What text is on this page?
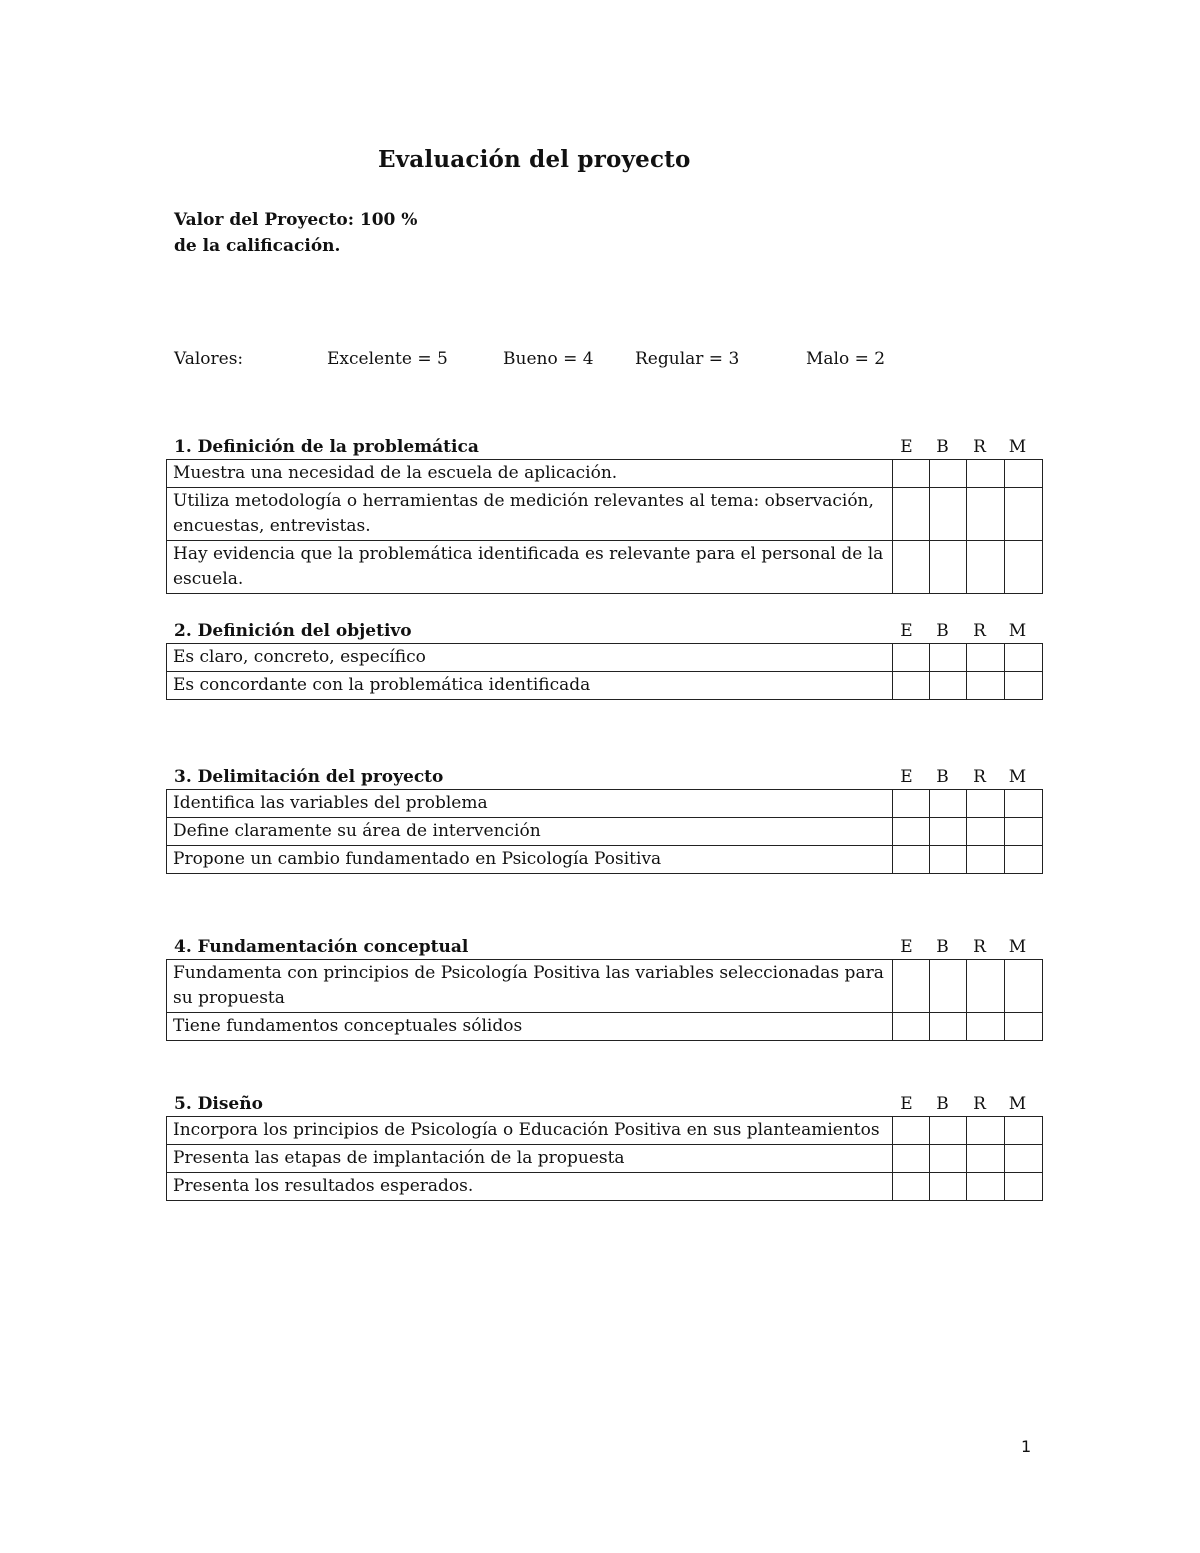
Evaluación del proyecto
Valor del Proyecto: 100 %
de la calificación.
Valores:	Excelente = 5	Bueno = 4 Regular = 3	Malo = 2
1. Definición de la problemática	E	B	R	M
Muestra una necesidad de la escuela de aplicación.				
Utiliza metodología o herramientas de medición relevantes al tema: observación, encuestas, entrevistas.				
Hay evidencia que la problemática identificada es relevante para el personal de la escuela.				
2. Definición del objetivo	E	B	R	M
Es claro, concreto, específico				
Es concordante con la problemática identificada				
3. Delimitación del proyecto	E	B	R	M
Identifica las variables del problema				
Define claramente su área de intervención				
Propone un cambio fundamentado en Psicología Positiva				
4. Fundamentación conceptual	E	B	R	M
Fundamenta con principios de Psicología Positiva las variables seleccionadas para su propuesta				
Tiene fundamentos conceptuales sólidos				
5. Diseño	E	B	R	M
Incorpora los principios de Psicología o Educación Positiva en sus planteamientos				
Presenta las etapas de implantación de la propuesta				
Presenta los resultados esperados.				
1
